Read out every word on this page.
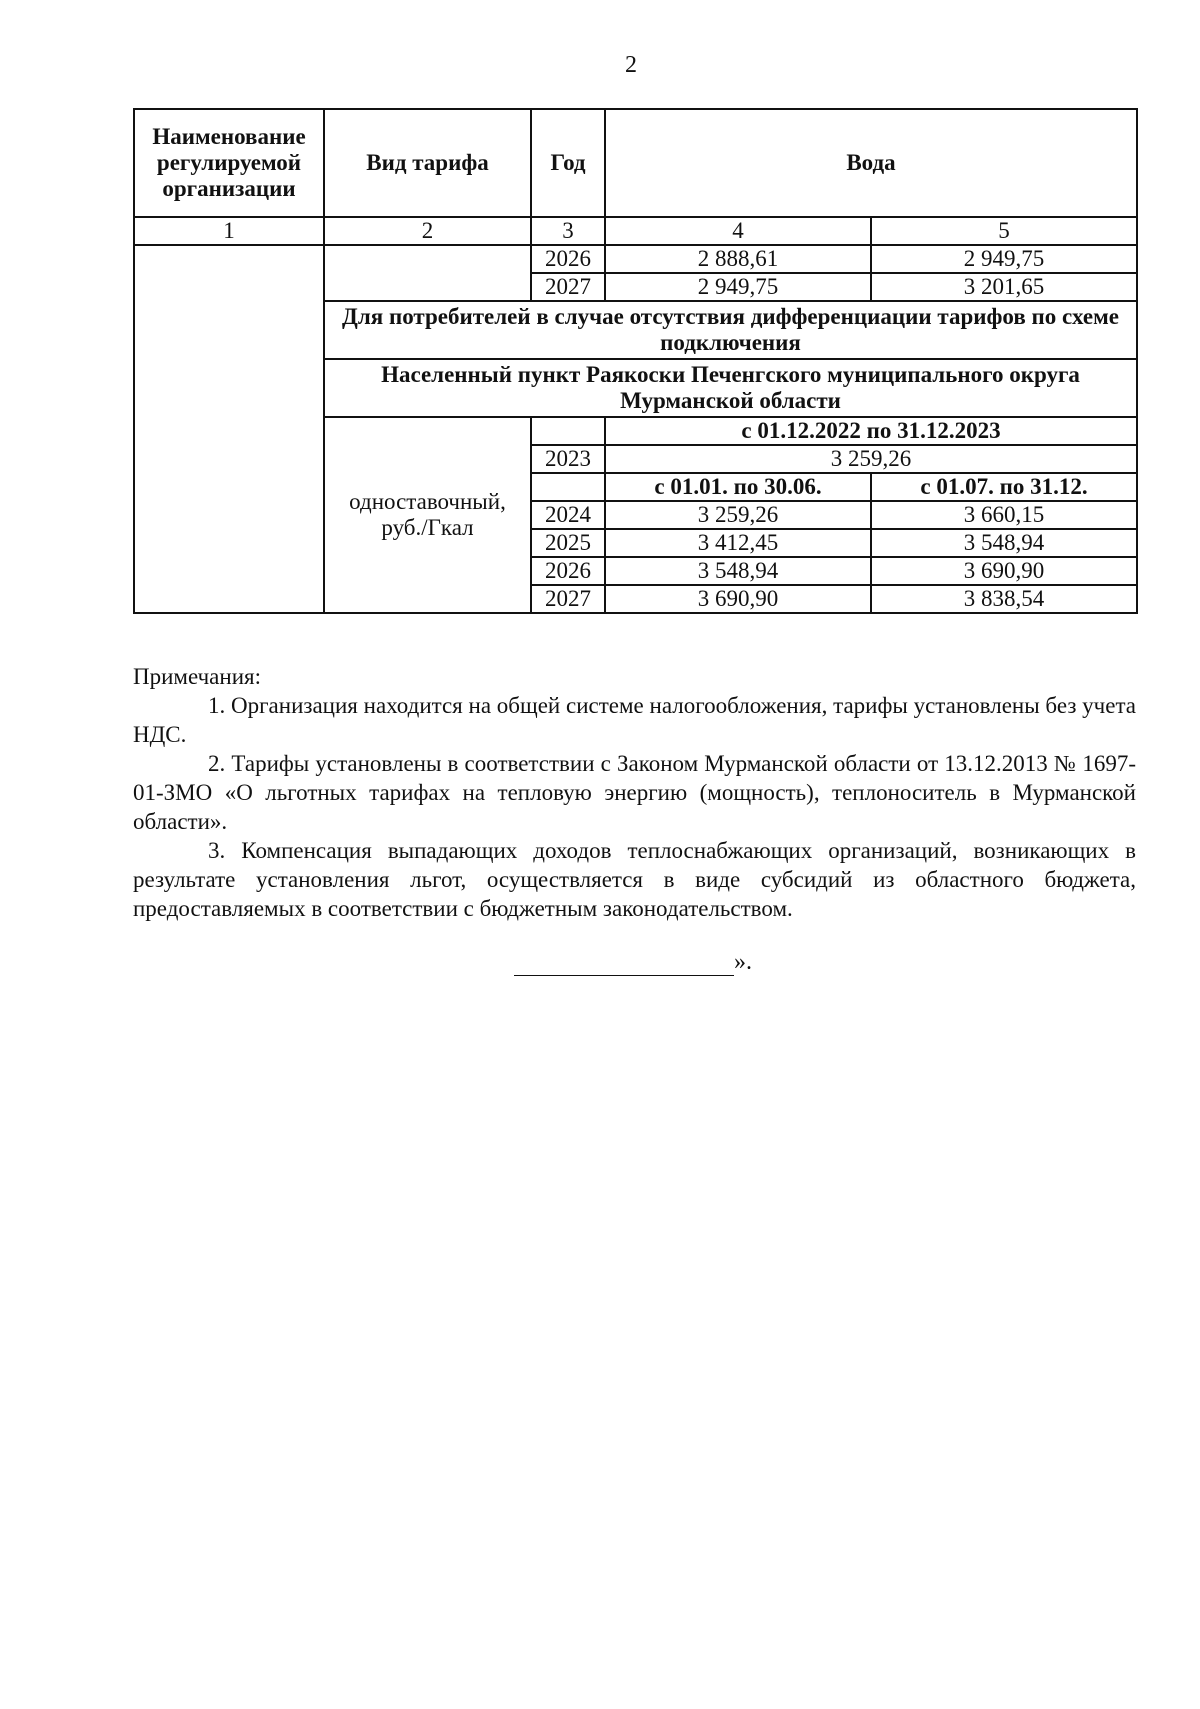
2
Наименование регулируемой организации	Вид тарифа	Год	Вода	
1	2	3	4	5
		2026	2 888,61	2 949,75
		2027	2 949,75	3 201,65
	Для потребителей в случае отсутствия дифференциации тарифов по схеме подключения			
	Населенный пункт Раякоски Печенгского муниципального округа Мурманской области			
	одноставочный, руб./Гкал		с 01.12.2022 по 31.12.2023	
		2023	3 259,26	
			с 01.01. по 30.06.	с 01.07. по 31.12.
		2024	3 259,26	3 660,15
		2025	3 412,45	3 548,94
		2026	3 548,94	3 690,90
		2027	3 690,90	3 838,54

Примечания:

1. Организация находится на общей системе налогообложения, тарифы установлены без учета НДС.

2. Тарифы установлены в соответствии с Законом Мурманской области от 13.12.2013 № 1697-01-ЗМО «О льготных тарифах на тепловую энергию (мощность), теплоноситель в Мурманской области».

3. Компенсация выпадающих доходов теплоснабжающих организаций, возникающих в результате установления льгот, осуществляется в виде субсидий из областного бюджета, предоставляемых в соответствии с бюджетным законодательством.

».
